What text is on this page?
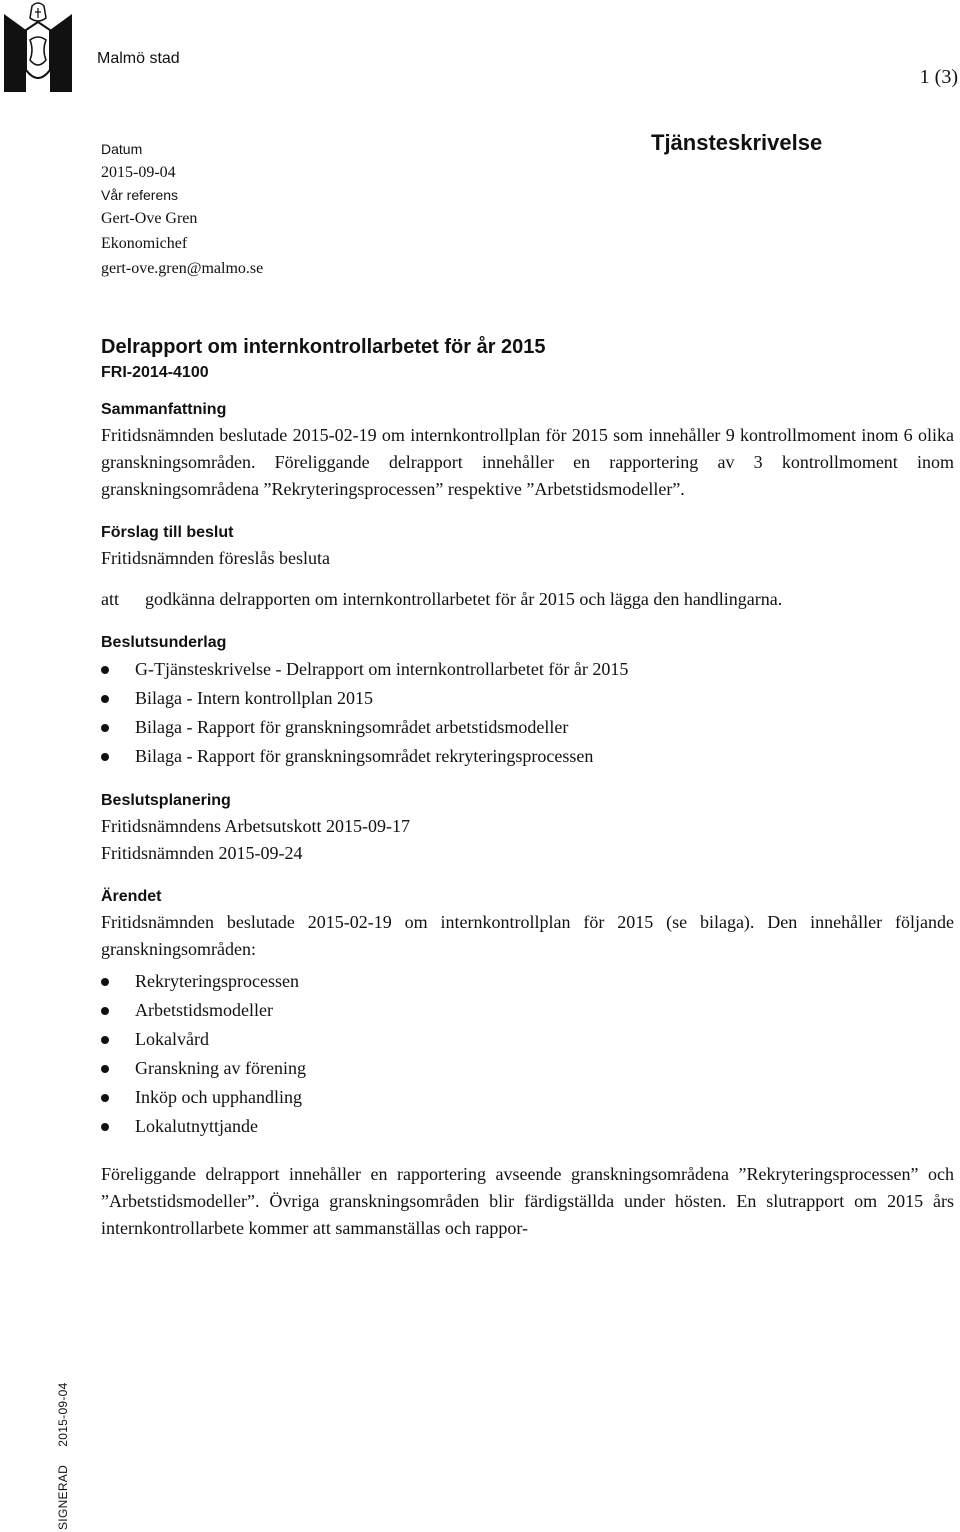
Malmö stad
1 (3)
Datum
2015-09-04
Vår referens
Gert-Ove Gren
Ekonomichef
gert-ove.gren@malmo.se
Tjänsteskrivelse
Delrapport om internkontrollarbetet för år 2015
FRI-2014-4100
Sammanfattning

Fritidsnämnden beslutade 2015-02-19 om internkontrollplan för 2015 som innehåller 9 kontrollmoment inom 6 olika granskningsområden. Föreliggande delrapport innehåller en rapportering av 3 kontrollmoment inom granskningsområdena ”Rekryteringsprocessen” respektive ”Arbetstidsmodeller”.

Förslag till beslut

Fritidsnämnden föreslås besluta

att	godkänna delrapporten om internkontrollarbetet för år 2015 och lägga den handlingarna.
Beslutsunderlag
G-Tjänsteskrivelse - Delrapport om internkontrollarbetet för år 2015
Bilaga - Intern kontrollplan 2015
Bilaga - Rapport för granskningsområdet arbetstidsmodeller
Bilaga - Rapport för granskningsområdet rekryteringsprocessen
Beslutsplanering

Fritidsnämndens Arbetsutskott 2015-09-17

Fritidsnämnden 2015-09-24

Ärendet

Fritidsnämnden beslutade 2015-02-19 om internkontrollplan för 2015 (se bilaga). Den innehåller följande granskningsområden:

Rekryteringsprocessen
Arbetstidsmodeller
Lokalvård
Granskning av förening
Inköp och upphandling
Lokalutnyttjande

Föreliggande delrapport innehåller en rapportering avseende granskningsområdena ”Rekryteringsprocessen” och ”Arbetstidsmodeller”. Övriga granskningsområden blir färdigställda under hösten. En slutrapport om 2015 års internkontrollarbete kommer att sammanställas och rappor-

SIGNERAD     2015-09-04
